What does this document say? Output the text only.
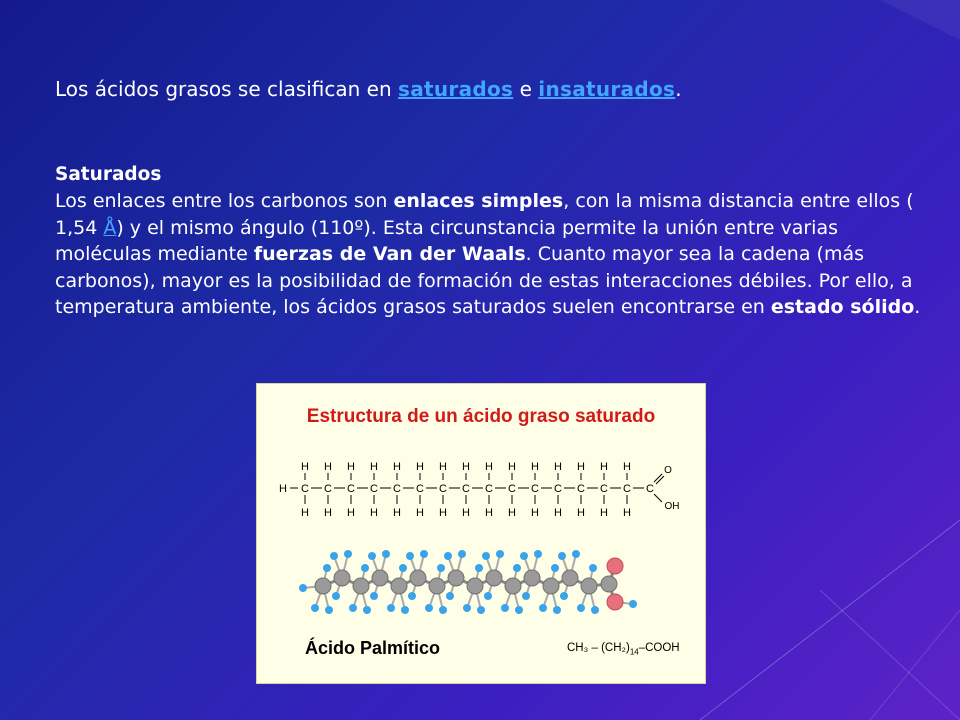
Los ácidos grasos se clasifican en saturados e insaturados.
Saturados
Los enlaces entre los carbonos son enlaces simples, con la misma distancia entre ellos ( 1,54 Å) y el mismo ángulo (110º). Esta circunstancia permite la unión entre varias moléculas mediante fuerzas de Van der Waals. Cuanto mayor sea la cadena (más carbonos), mayor es la posibilidad de formación de estas interacciones débiles. Por ello, a temperatura ambiente, los ácidos grasos saturados suelen encontrarse en estado sólido.
Estructura de un ácido graso saturado
H C
H
H
C
H
H
C
H
H
C
H
H
C
H
H
C
H
H
C
H
H
C
H
H
C
H
H
C
H
H
C
H
H
C
H
H
C
H
H
C
H
H
C
H
H
C
O
OH
Ácido Palmítico	$CH_3 - (CH_2)_{14}$–COOH
